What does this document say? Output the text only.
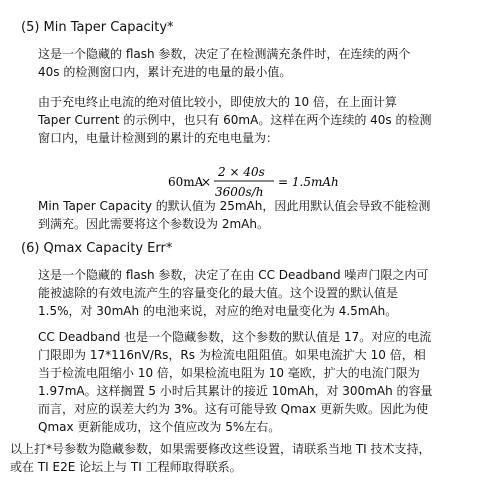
(5) Min Taper Capacity*
这是一个隐藏的 flash 参数，决定了在检测满充条件时，在连续的两个
40s 的检测窗口内，累计充进的电量的最小值。
由于充电终止电流的绝对值比较小，即使放大的 10 倍，在上面计算
Taper Current 的示例中，也只有 60mA。这样在两个连续的 40s 的检测
窗口内，电量计检测到的累计的充电电量为：
60mA
×
2 × 40s
3600s/h
= 1.5mAh
Min Taper Capacity 的默认值为 25mAh，因此用默认值会导致不能检测
到满充。因此需要将这个参数设为 2mAh。
(6) Qmax Capacity Err*
这是一个隐藏的 flash 参数，决定了在由 CC Deadband 噪声门限之内可
能被滤除的有效电流产生的容量变化的最大值。这个设置的默认值是
1.5%，对 30mAh 的电池来说，对应的绝对电量变化为 4.5mAh。
CC Deadband 也是一个隐藏参数，这个参数的默认值是 17。对应的电流
门限即为 17*116nV/Rs，Rs 为检流电阻阻值。如果电流扩大 10 倍，相
当于检流电阻缩小 10 倍，如果检流电阻为 10 毫欧，扩大的电流门限为
1.97mA。这样搁置 5 小时后其累计的接近 10mAh，对 300mAh 的容量
而言，对应的误差大约为 3%。这有可能导致 Qmax 更新失败。因此为使
Qmax 更新能成功，这个值应改为 5%左右。
以上打*号参数为隐藏参数，如果需要修改这些设置，请联系当地 TI 技术支持，
或在 TI E2E 论坛上与 TI 工程师取得联系。
